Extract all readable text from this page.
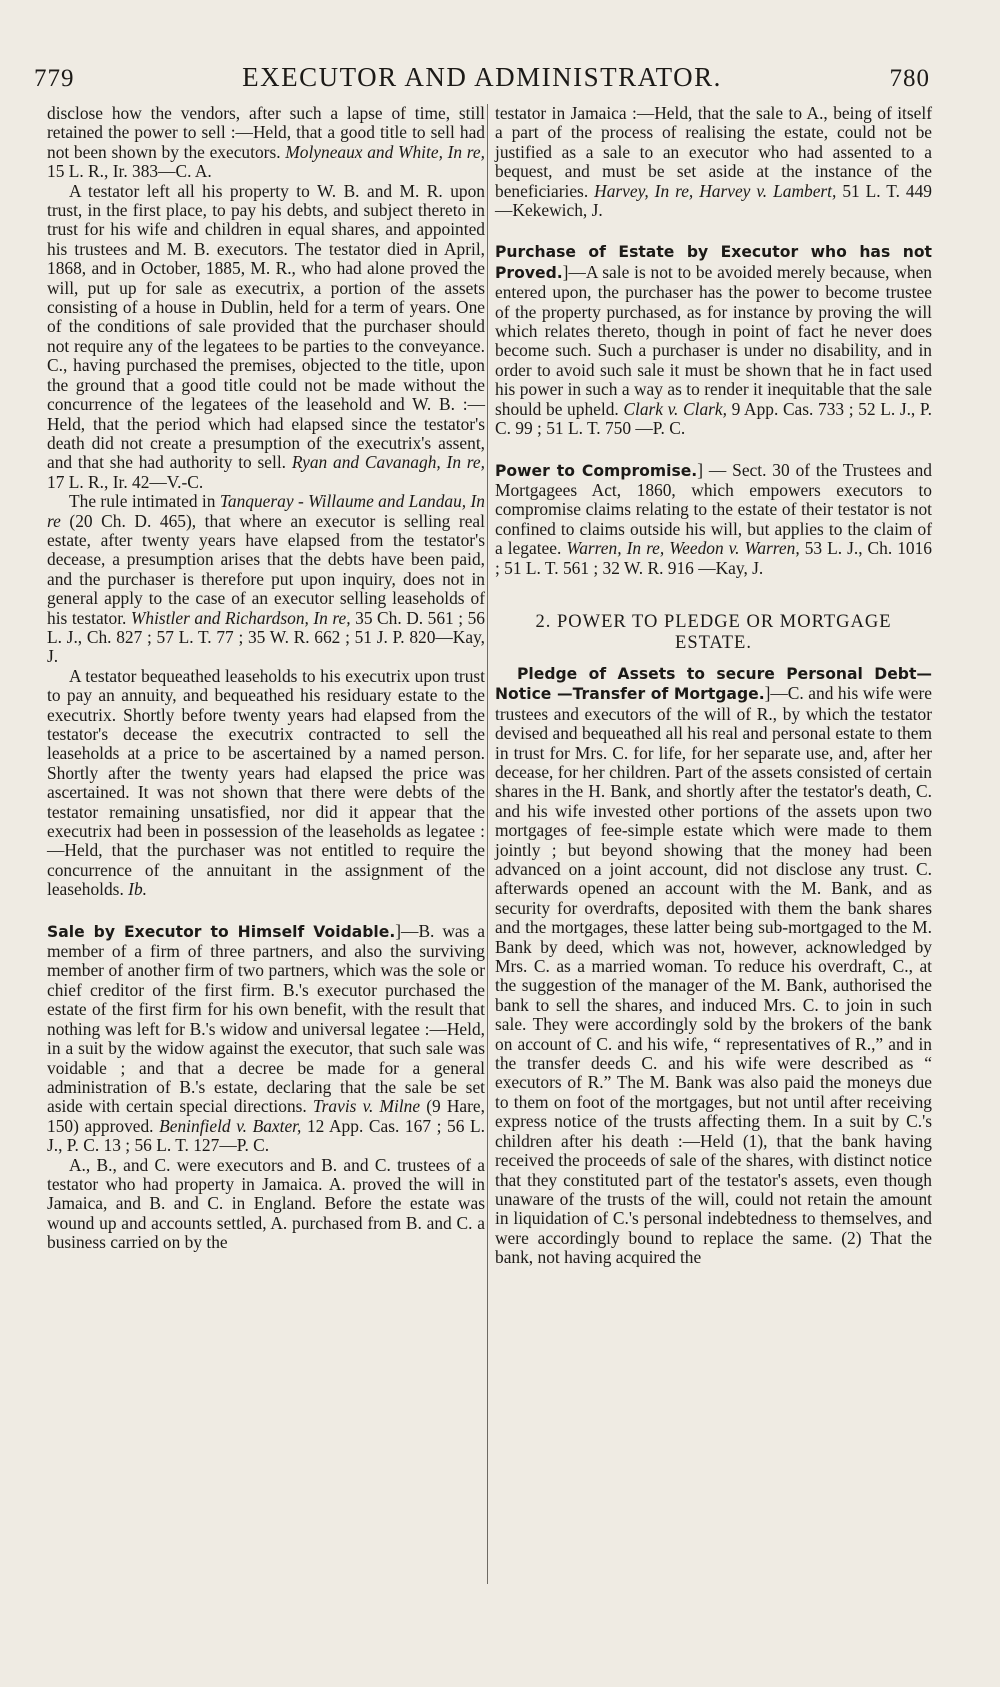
779	EXECUTOR AND ADMINISTRATOR.	780

disclose how the vendors, after such a lapse of time, still retained the power to sell :—Held, that a good title to sell had not been shown by the executors. Molyneaux and White, In re, 15 L. R., Ir. 383—C. A.

A testator left all his property to W. B. and M. R. upon trust, in the first place, to pay his debts, and subject thereto in trust for his wife and children in equal shares, and appointed his trustees and M. B. executors. The testator died in April, 1868, and in October, 1885, M. R., who had alone proved the will, put up for sale as executrix, a portion of the assets consisting of a house in Dublin, held for a term of years. One of the conditions of sale provided that the purchaser should not require any of the legatees to be parties to the conveyance. C., having purchased the premises, objected to the title, upon the ground that a good title could not be made without the concurrence of the legatees of the leasehold and W. B. :—Held, that the period which had elapsed since the testator's death did not create a presumption of the executrix's assent, and that she had authority to sell. Ryan and Cavanagh, In re, 17 L. R., Ir. 42—V.-C.

The rule intimated in Tanqueray - Willaume and Landau, In re (20 Ch. D. 465), that where an executor is selling real estate, after twenty years have elapsed from the testator's decease, a presumption arises that the debts have been paid, and the purchaser is therefore put upon inquiry, does not in general apply to the case of an executor selling leaseholds of his testator. Whistler and Richardson, In re, 35 Ch. D. 561 ; 56 L. J., Ch. 827 ; 57 L. T. 77 ; 35 W. R. 662 ; 51 J. P. 820—Kay, J.

A testator bequeathed leaseholds to his executrix upon trust to pay an annuity, and bequeathed his residuary estate to the executrix. Shortly before twenty years had elapsed from the testator's decease the executrix contracted to sell the leaseholds at a price to be ascertained by a named person. Shortly after the twenty years had elapsed the price was ascertained. It was not shown that there were debts of the testator remaining unsatisfied, nor did it appear that the executrix had been in possession of the leaseholds as legatee :—Held, that the purchaser was not entitled to require the concurrence of the annuitant in the assignment of the leaseholds. Ib.

Sale by Executor to Himself Voidable.]—B. was a member of a firm of three partners, and also the surviving member of another firm of two partners, which was the sole or chief creditor of the first firm. B.'s executor purchased the estate of the first firm for his own benefit, with the result that nothing was left for B.'s widow and universal legatee :—Held, in a suit by the widow against the executor, that such sale was voidable ; and that a decree be made for a general administration of B.'s estate, declaring that the sale be set aside with certain special directions. Travis v. Milne (9 Hare, 150) approved. Beninfield v. Baxter, 12 App. Cas. 167 ; 56 L. J., P. C. 13 ; 56 L. T. 127—P. C.

A., B., and C. were executors and B. and C. trustees of a testator who had property in Jamaica. A. proved the will in Jamaica, and B. and C. in England. Before the estate was wound up and accounts settled, A. purchased from B. and C. a business carried on by the

testator in Jamaica :—Held, that the sale to A., being of itself a part of the process of realising the estate, could not be justified as a sale to an executor who had assented to a bequest, and must be set aside at the instance of the beneficiaries. Harvey, In re, Harvey v. Lambert, 51 L. T. 449—Kekewich, J.

Purchase of Estate by Executor who has not Proved.]—A sale is not to be avoided merely because, when entered upon, the purchaser has the power to become trustee of the property purchased, as for instance by proving the will which relates thereto, though in point of fact he never does become such. Such a purchaser is under no disability, and in order to avoid such sale it must be shown that he in fact used his power in such a way as to render it inequitable that the sale should be upheld. Clark v. Clark, 9 App. Cas. 733 ; 52 L. J., P. C. 99 ; 51 L. T. 750 —P. C.

Power to Compromise.] — Sect. 30 of the Trustees and Mortgagees Act, 1860, which empowers executors to compromise claims relating to the estate of their testator is not confined to claims outside his will, but applies to the claim of a legatee. Warren, In re, Weedon v. Warren, 53 L. J., Ch. 1016 ; 51 L. T. 561 ; 32 W. R. 916 —Kay, J.

2. POWER TO PLEDGE OR MORTGAGE ESTATE.

Pledge of Assets to secure Personal Debt—Notice —Transfer of Mortgage.]—C. and his wife were trustees and executors of the will of R., by which the testator devised and bequeathed all his real and personal estate to them in trust for Mrs. C. for life, for her separate use, and, after her decease, for her children. Part of the assets consisted of certain shares in the H. Bank, and shortly after the testator's death, C. and his wife invested other portions of the assets upon two mortgages of fee-simple estate which were made to them jointly ; but beyond showing that the money had been advanced on a joint account, did not disclose any trust. C. afterwards opened an account with the M. Bank, and as security for overdrafts, deposited with them the bank shares and the mortgages, these latter being sub-mortgaged to the M. Bank by deed, which was not, however, acknowledged by Mrs. C. as a married woman. To reduce his overdraft, C., at the suggestion of the manager of the M. Bank, authorised the bank to sell the shares, and induced Mrs. C. to join in such sale. They were accordingly sold by the brokers of the bank on account of C. and his wife, “ representatives of R.,” and in the transfer deeds C. and his wife were described as “ executors of R.” The M. Bank was also paid the moneys due to them on foot of the mortgages, but not until after receiving express notice of the trusts affecting them. In a suit by C.'s children after his death :—Held (1), that the bank having received the proceeds of sale of the shares, with distinct notice that they constituted part of the testator's assets, even though unaware of the trusts of the will, could not retain the amount in liquidation of C.'s personal indebtedness to themselves, and were accordingly bound to replace the same. (2) That the bank, not having acquired the
